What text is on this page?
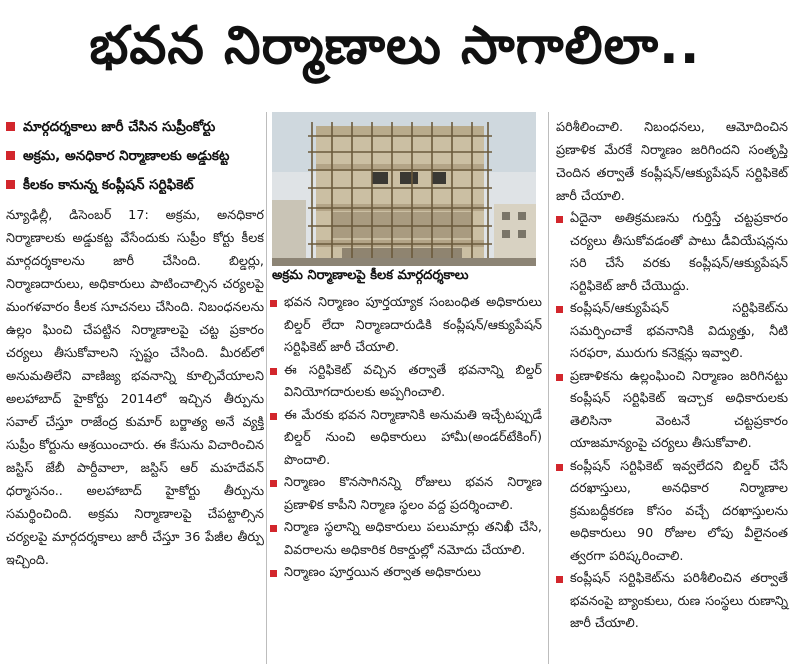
భవన నిర్మాణాలు సాగాలిలా..
మార్గదర్శకాలు జారీ చేసిన సుప్రీంకోర్టు
అక్రమ, అనధికార నిర్మాణాలకు అడ్డుకట్ట
కీలకం కానున్న కంప్లీషన్ సర్టిఫికెట్

న్యూఢిల్లీ, డిసెంబర్ 17: అక్రమ, అనధికార నిర్మాణాలకు అడ్డుకట్ట వేసేందుకు సుప్రీం కోర్టు కీలక మార్గదర్శకాలను జారీ చేసింది. బిల్డర్లు, నిర్మాణదారులు, అధికారులు పాటించాల్సిన చర్యలపై మంగళవారం కీలక సూచనలు చేసింది. నిబంధనలను ఉల్లం ఘించి చేపట్టిన నిర్మాణాలపై చట్ట ప్రకారం చర్యలు తీసుకోవాలని స్పష్టం చేసింది. మీరట్‌లో అనుమతిలేని వాణిజ్య భవనాన్ని కూల్చివేయాలని అలహాబాద్ హైకోర్టు 2014లో ఇచ్చిన తీర్పును సవాల్ చేస్తూ రాజేంద్ర కుమార్ బర్జాత్య అనే వ్యక్తి సుప్రీం కోర్టును ఆశ్రయించారు. ఈ కేసును విచారించిన జస్టిస్ జేబీ పార్దీవాలా, జస్టిస్ ఆర్ మహదేవన్ ధర్మాసనం.. అలహాబాద్ హైకోర్టు తీర్పును సమర్థించింది. అక్రమ నిర్మాణాలపై చేపట్టాల్సిన చర్యలపై మార్గదర్శకాలు జారీ చేస్తూ 36 పేజీల తీర్పు ఇచ్చింది.

అక్రమ నిర్మాణాలపై కీలక మార్గదర్శకాలు
భవన నిర్మాణం పూర్తయ్యాక సంబంధిత అధికారులు బిల్డర్ లేదా నిర్మాణదారుడికి కంప్లీషన్/ఆక్యుపేషన్ సర్టిఫికెట్ జారీ చేయాలి.
ఈ సర్టిఫికెట్ వచ్చిన తర్వాతే భవనాన్ని బిల్డర్ వినియోగదారులకు అప్పగించాలి.
ఈ మేరకు భవన నిర్మాణానికి అనుమతి ఇచ్చేటప్పుడే బిల్డర్ నుంచి అధికారులు హామీ(అండర్‌టేకింగ్) పొందాలి.
నిర్మాణం కొనసాగినన్ని రోజులు భవన నిర్మాణ ప్రణాళిక కాపీని నిర్మాణ స్థలం వద్ద ప్రదర్శించాలి.
నిర్మాణ స్థలాన్ని అధికారులు పలుమార్లు తనిఖీ చేసి, వివరాలను అధికారిక రికార్డుల్లో నమోదు చేయాలి.
నిర్మాణం పూర్తయిన తర్వాత అధికారులు

పరిశీలించాలి. నిబంధనలు, ఆమోదించిన ప్రణాళిక మేరకే నిర్మాణం జరిగిందని సంతృప్తి చెందిన తర్వాతే కంప్లీషన్/ఆక్యుపేషన్ సర్టిఫికెట్ జారీ చేయాలి.

ఏదైనా అతిక్రమణను గుర్తిస్తే చట్టప్రకారం చర్యలు తీసుకోవడంతో పాటు డీవియేషన్లను సరి చేసే వరకు కంప్లీషన్/ఆక్యుపేషన్ సర్టిఫికెట్ జారీ చేయొద్దు.
కంప్లీషన్/ఆక్యుపేషన్ సర్టిఫికెట్‌ను సమర్పించాకే భవనానికి విద్యుత్తు, నీటి సరఫరా, మురుగు కనెక్షన్లు ఇవ్వాలి.
ప్రణాళికను ఉల్లంఘించి నిర్మాణం జరిగినట్టు కంప్లీషన్ సర్టిఫికెట్ ఇచ్చాక అధికారులకు తెలిసినా వెంటనే చట్టప్రకారం యాజమాన్యంపై చర్యలు తీసుకోవాలి.
కంప్లీషన్ సర్టిఫికెట్ ఇవ్వలేదని బిల్డర్ చేసే దరఖాస్తులు, అనధికార నిర్మాణాల క్రమబద్ధీకరణ కోసం వచ్చే దరఖాస్తులను అధికారులు 90 రోజుల లోపు వీలైనంత త్వరగా పరిష్కరించాలి.
కంప్లీషన్ సర్టిఫికెట్‌ను పరిశీలించిన తర్వాతే భవనంపై బ్యాంకులు, రుణ సంస్థలు రుణాన్ని జారీ చేయాలి.
